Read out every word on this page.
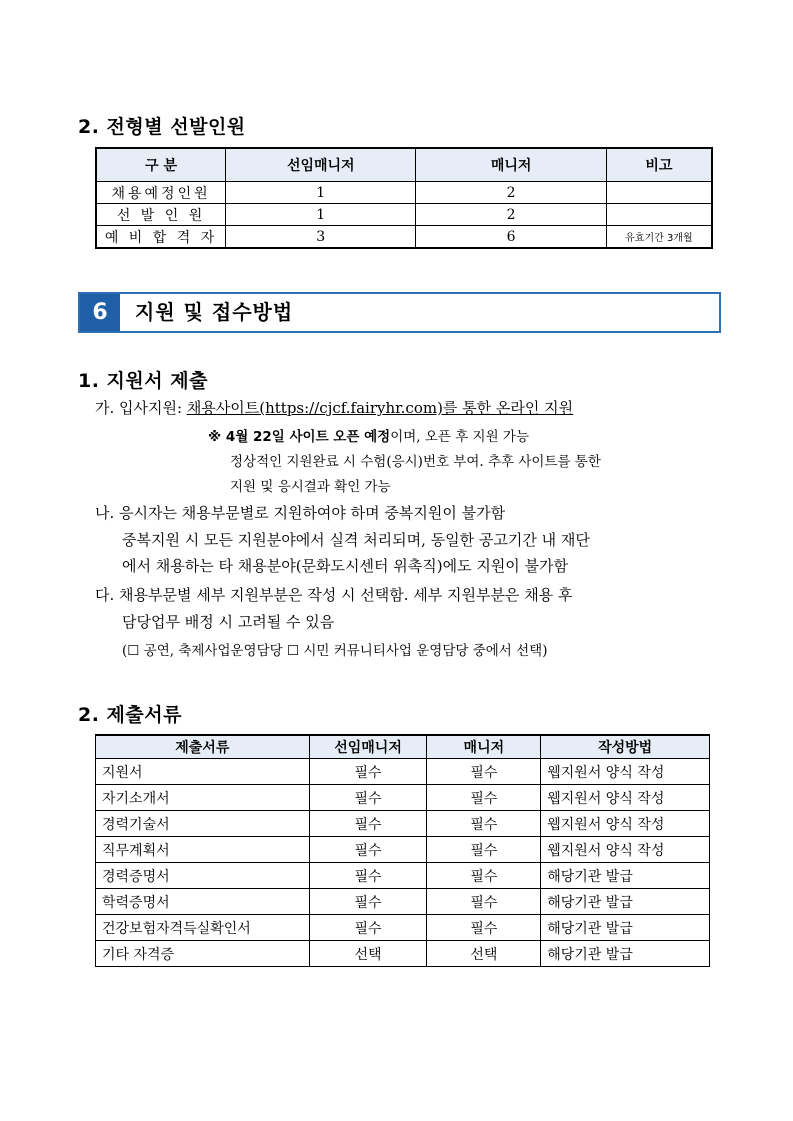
2. 전형별 선발인원
구 분	선임매니저	매니저	비고
채용예정인원	1	2	
선 발 인 원	1	2	
예 비 합 격 자	3	6	유효기간 3개월
6	지원 및 접수방법
1. 지원서 제출
가. 입사지원: 채용사이트(https://cjcf.fairyhr.com)를 통한 온라인 지원
※ 4월 22일 사이트 오픈 예정이며, 오픈 후 지원 가능
정상적인 지원완료 시 수험(응시)번호 부여. 추후 사이트를 통한
지원 및 응시결과 확인 가능
나. 응시자는 채용부문별로 지원하여야 하며 중복지원이 불가함
중복지원 시 모든 지원분야에서 실격 처리되며, 동일한 공고기간 내 재단
에서 채용하는 타 채용분야(문화도시센터 위촉직)에도 지원이 불가함
다. 채용부문별 세부 지원부분은 작성 시 선택함. 세부 지원부분은 채용 후
담당업무 배정 시 고려될 수 있음
(☐ 공연, 축제사업운영담당 ☐ 시민 커뮤니티사업 운영담당 중에서 선택)
2. 제출서류
제출서류	선임매니저	매니저	작성방법
지원서	필수	필수	웹지원서 양식 작성
자기소개서	필수	필수	웹지원서 양식 작성
경력기술서	필수	필수	웹지원서 양식 작성
직무계획서	필수	필수	웹지원서 양식 작성
경력증명서	필수	필수	해당기관 발급
학력증명서	필수	필수	해당기관 발급
건강보험자격득실확인서	필수	필수	해당기관 발급
기타 자격증	선택	선택	해당기관 발급
